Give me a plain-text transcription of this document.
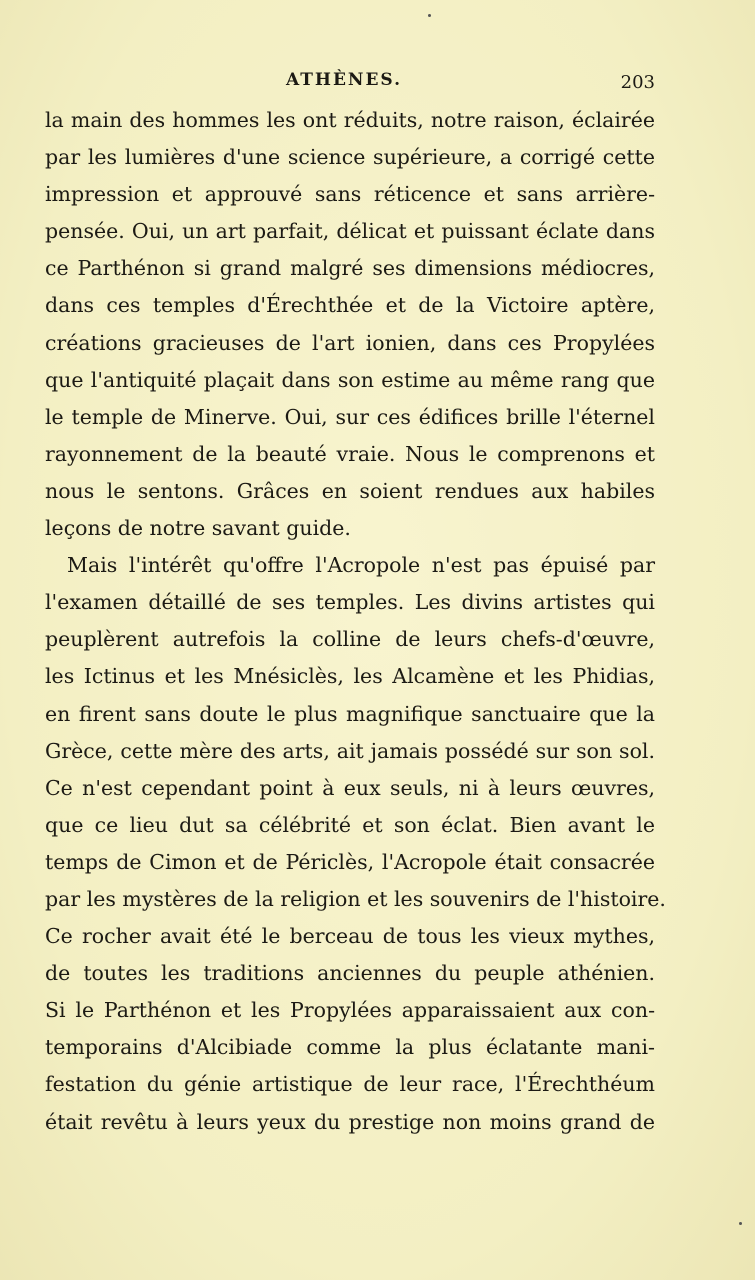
ATHÈNES.	203
la main des hommes les ont réduits, notre raison, éclairée
par les lumières d'une science supérieure, a corrigé cette
impression et approuvé sans réticence et sans arrière-
pensée. Oui, un art parfait, délicat et puissant éclate dans
ce Parthénon si grand malgré ses dimensions médiocres,
dans ces temples d'Érechthée et de la Victoire aptère,
créations gracieuses de l'art ionien, dans ces Propylées
que l'antiquité plaçait dans son estime au même rang que
le temple de Minerve. Oui, sur ces édifices brille l'éternel
rayonnement de la beauté vraie. Nous le comprenons et
nous le sentons. Grâces en soient rendues aux habiles
leçons de notre savant guide.
Mais l'intérêt qu'offre l'Acropole n'est pas épuisé par
l'examen détaillé de ses temples. Les divins artistes qui
peuplèrent autrefois la colline de leurs chefs-d'œuvre,
les Ictinus et les Mnésiclès, les Alcamène et les Phidias,
en firent sans doute le plus magnifique sanctuaire que la
Grèce, cette mère des arts, ait jamais possédé sur son sol.
Ce n'est cependant point à eux seuls, ni à leurs œuvres,
que ce lieu dut sa célébrité et son éclat. Bien avant le
temps de Cimon et de Périclès, l'Acropole était consacrée
par les mystères de la religion et les souvenirs de l'histoire.
Ce rocher avait été le berceau de tous les vieux mythes,
de toutes les traditions anciennes du peuple athénien.
Si le Parthénon et les Propylées apparaissaient aux con-
temporains d'Alcibiade comme la plus éclatante mani-
festation du génie artistique de leur race, l'Érechthéum
était revêtu à leurs yeux du prestige non moins grand de
